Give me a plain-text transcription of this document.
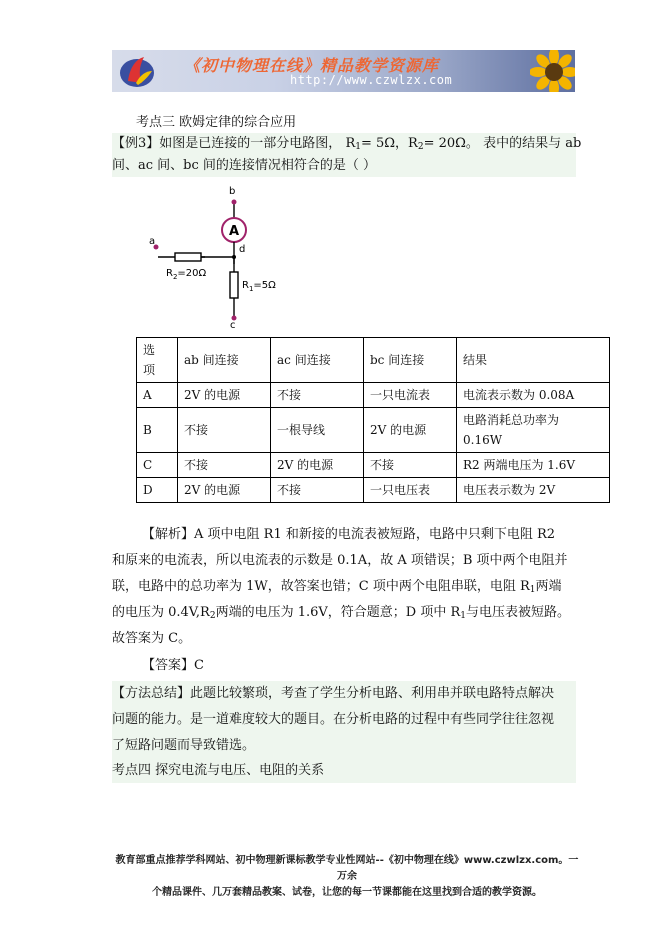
《初中物理在线》精品教学资源库
http://www.czwlzx.com
考点三 欧姆定律的综合应用
【例3】如图是已连接的一部分电路图， $R_1= 5\Omega$，$R_2= 20\Omega$。 表中的结果与 ab
间、ac 间、bc 间的连接情况相符合的是（ ）
b
a
d
c
A
$R_2=20\Omega$
$R_1=5\Omega$
选
项	ab 间连接	ac 间连接	bc 间连接	结果
A	2V 的电源	不接	一只电流表	电流表示数为 0.08A
B	不接	一根导线	2V 的电源	电路消耗总功率为
0.16W
C	不接	2V 的电源	不接	R2 两端电压为 1.6V
D	2V 的电源	不接	一只电压表	电压表示数为 2V
【解析】A 项中电阻 R1 和新接的电流表被短路，电路中只剩下电阻 R2
和原来的电流表，所以电流表的示数是 0.1A，故 A 项错误；B 项中两个电阻并
联，电路中的总功率为 1W，故答案也错；C 项中两个电阻串联，电阻 $R_1$两端
的电压为 $0.4V,R_2$两端的电压为 1.6V，符合题意；D 项中 $R_1$与电压表被短路。
故答案为 C。
【答案】C
【方法总结】此题比较繁琐，考查了学生分析电路、利用串并联电路特点解决
问题的能力。是一道难度较大的题目。在分析电路的过程中有些同学往往忽视
了短路问题而导致错选。
考点四 探究电流与电压、电阻的关系
教育部重点推荐学科网站、初中物理新课标教学专业性网站--《初中物理在线》www.czwlzx.com。一万余
个精品课件、几万套精品教案、试卷，让您的每一节课都能在这里找到合适的教学资源。
